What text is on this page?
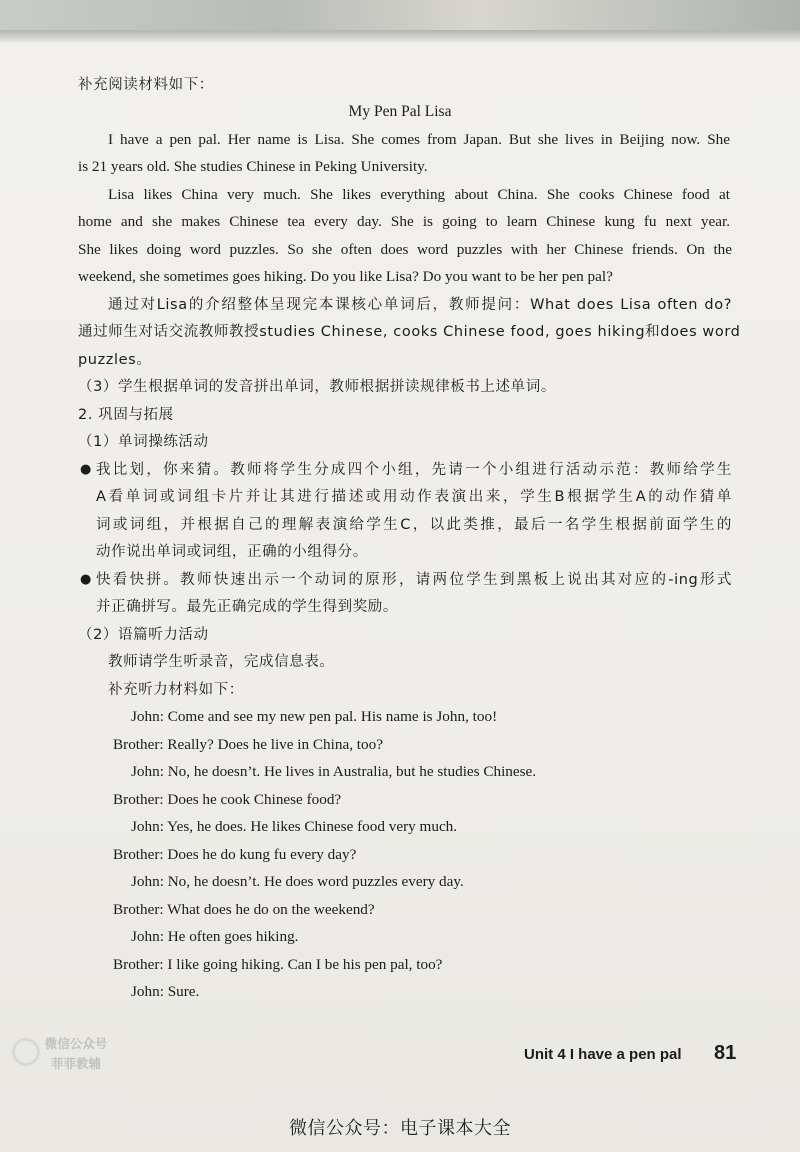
补充阅读材料如下：
My Pen Pal Lisa
I have a pen pal. Her name is Lisa. She comes from Japan. But she lives in Beijing now. She
is 21 years old. She studies Chinese in Peking University.
Lisa likes China very much. She likes everything about China. She cooks Chinese food at
home and she makes Chinese tea every day. She is going to learn Chinese kung fu next year.
She likes doing word puzzles. So she often does word puzzles with her Chinese friends. On the
weekend, she sometimes goes hiking. Do you like Lisa? Do you want to be her pen pal?
通过对Lisa的介绍整体呈现完本课核心单词后，教师提问：What does Lisa often do?
通过师生对话交流教师教授studies Chinese, cooks Chinese food, goes hiking和does word
puzzles。
（3）学生根据单词的发音拼出单词，教师根据拼读规律板书上述单词。
2. 巩固与拓展
（1）单词操练活动
● 我比划，你来猜。教师将学生分成四个小组，先请一个小组进行活动示范：教师给学生
A看单词或词组卡片并让其进行描述或用动作表演出来，学生B根据学生A的动作猜单
词或词组，并根据自己的理解表演给学生C，以此类推，最后一名学生根据前面学生的
动作说出单词或词组，正确的小组得分。
● 快看快拼。教师快速出示一个动词的原形，请两位学生到黑板上说出其对应的-ing形式
并正确拼写。最先正确完成的学生得到奖励。
（2）语篇听力活动
教师请学生听录音，完成信息表。
补充听力材料如下：
John: Come and see my new pen pal. His name is John, too!
Brother: Really? Does he live in China, too?
John: No, he doesn’t. He lives in Australia, but he studies Chinese.
Brother: Does he cook Chinese food?
John: Yes, he does. He likes Chinese food very much.
Brother: Does he do kung fu every day?
John: No, he doesn’t. He does word puzzles every day.
Brother: What does he do on the weekend?
John: He often goes hiking.
Brother: I like going hiking. Can I be his pen pal, too?
John: Sure.
微信公众号
菲菲教辅
Unit 4 I have a pen pal 81
微信公众号：电子课本大全
